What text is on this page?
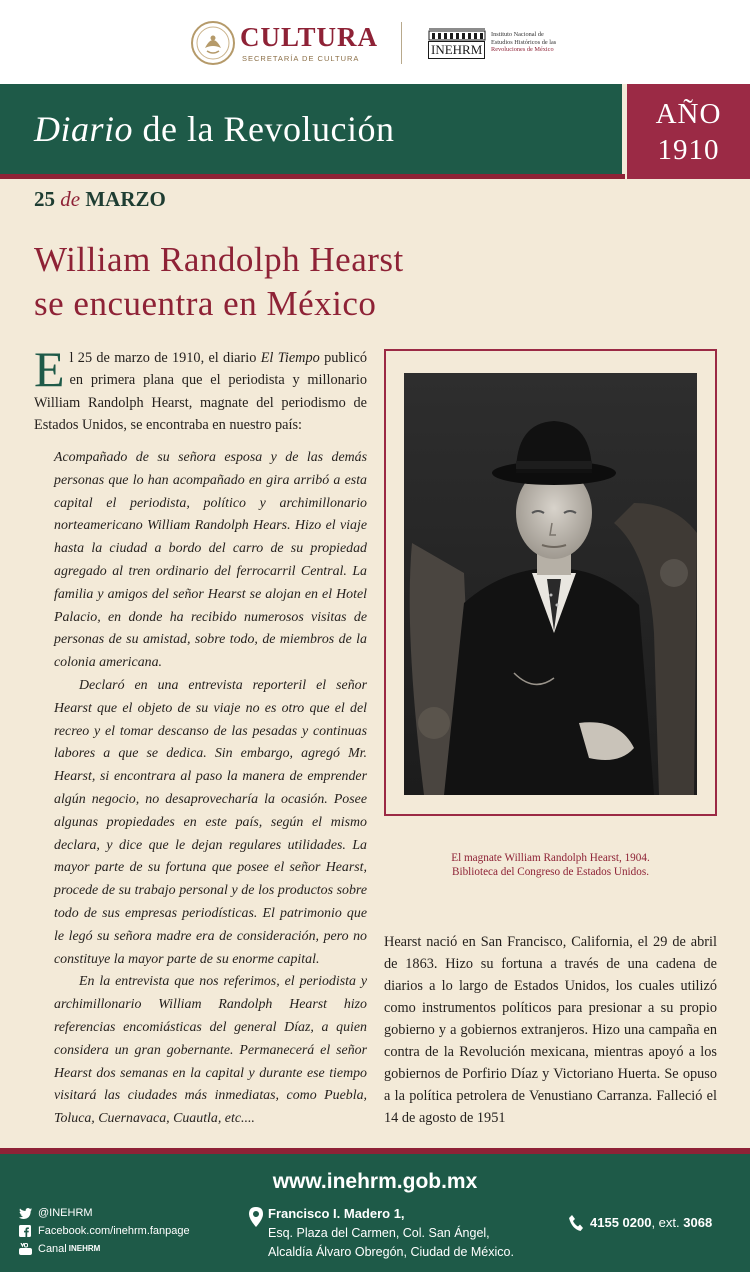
CULTURA
SECRETARÍA DE CULTURA
INEHRM
Instituto Nacional de
Estudios Históricos de las
Revoluciones de México
Diario de la Revolución	AÑO
1910
25 de MARZO
William Randolph Hearst
se encuentra en México
El 25 de marzo de 1910, el diario El Tiempo publicó en primera plana que el periodista y millonario William Randolph Hearst, magnate del periodismo de Estados Unidos, se encontraba en nuestro país:

Acompañado de su señora esposa y de las demás personas que lo han acompañado en gira arribó a esta capital el periodista, político y archimillonario norteamericano William Randolph Hears. Hizo el viaje hasta la ciudad a bordo del carro de su propiedad agregado al tren ordinario del ferrocarril Central. La familia y amigos del señor Hearst se alojan en el Hotel Palacio, en donde ha recibido numerosos visitas de personas de su amistad, sobre todo, de miembros de la colonia americana.

Declaró en una entrevista reporteril el señor Hearst que el objeto de su viaje no es otro que el del recreo y el tomar descanso de las pesadas y continuas labores a que se dedica. Sin embargo, agregó Mr. Hearst, si encontrara al paso la manera de emprender algún negocio, no desaprovecharía la ocasión. Posee algunas propiedades en este país, según el mismo declara, y dice que le dejan regulares utilidades. La mayor parte de su fortuna que posee el señor Hearst, procede de su trabajo personal y de los productos sobre todo de sus empresas periodísticas. El patrimonio que le legó su señora madre era de consideración, pero no constituye la mayor parte de su enorme capital.

En la entrevista que nos referimos, el periodista y archimillonario William Randolph Hearst hizo referencias encomiásticas del general Díaz, a quien considera un gran gobernante. Permanecerá el señor Hearst dos semanas en la capital y durante ese tiempo visitará las ciudades más inmediatas, como Puebla, Toluca, Cuernavaca, Cuautla, etc....

El magnate William Randolph Hearst, 1904.
Biblioteca del Congreso de Estados Unidos.
Hearst nació en San Francisco, California, el 29 de abril de 1863. Hizo su fortuna a través de una cadena de diarios a lo largo de Estados Unidos, los cuales utilizó como instrumentos políticos para presionar a su propio gobierno y a gobiernos extranjeros. Hizo una campaña en contra de la Revolución mexicana, mientras apoyó a los gobiernos de Porfirio Díaz y Victoriano Huerta. Se opuso a la política petrolera de Venustiano Carranza. Falleció el 14 de agosto de 1951
www.inehrm.gob.mx
@INEHRM
Facebook.com/inehrm.fanpage
Canal INEHRM
Francisco I. Madero 1,
Esq. Plaza del Carmen, Col. San Ángel,
Alcaldía Álvaro Obregón, Ciudad de México.
4155 0200, ext. 3068
